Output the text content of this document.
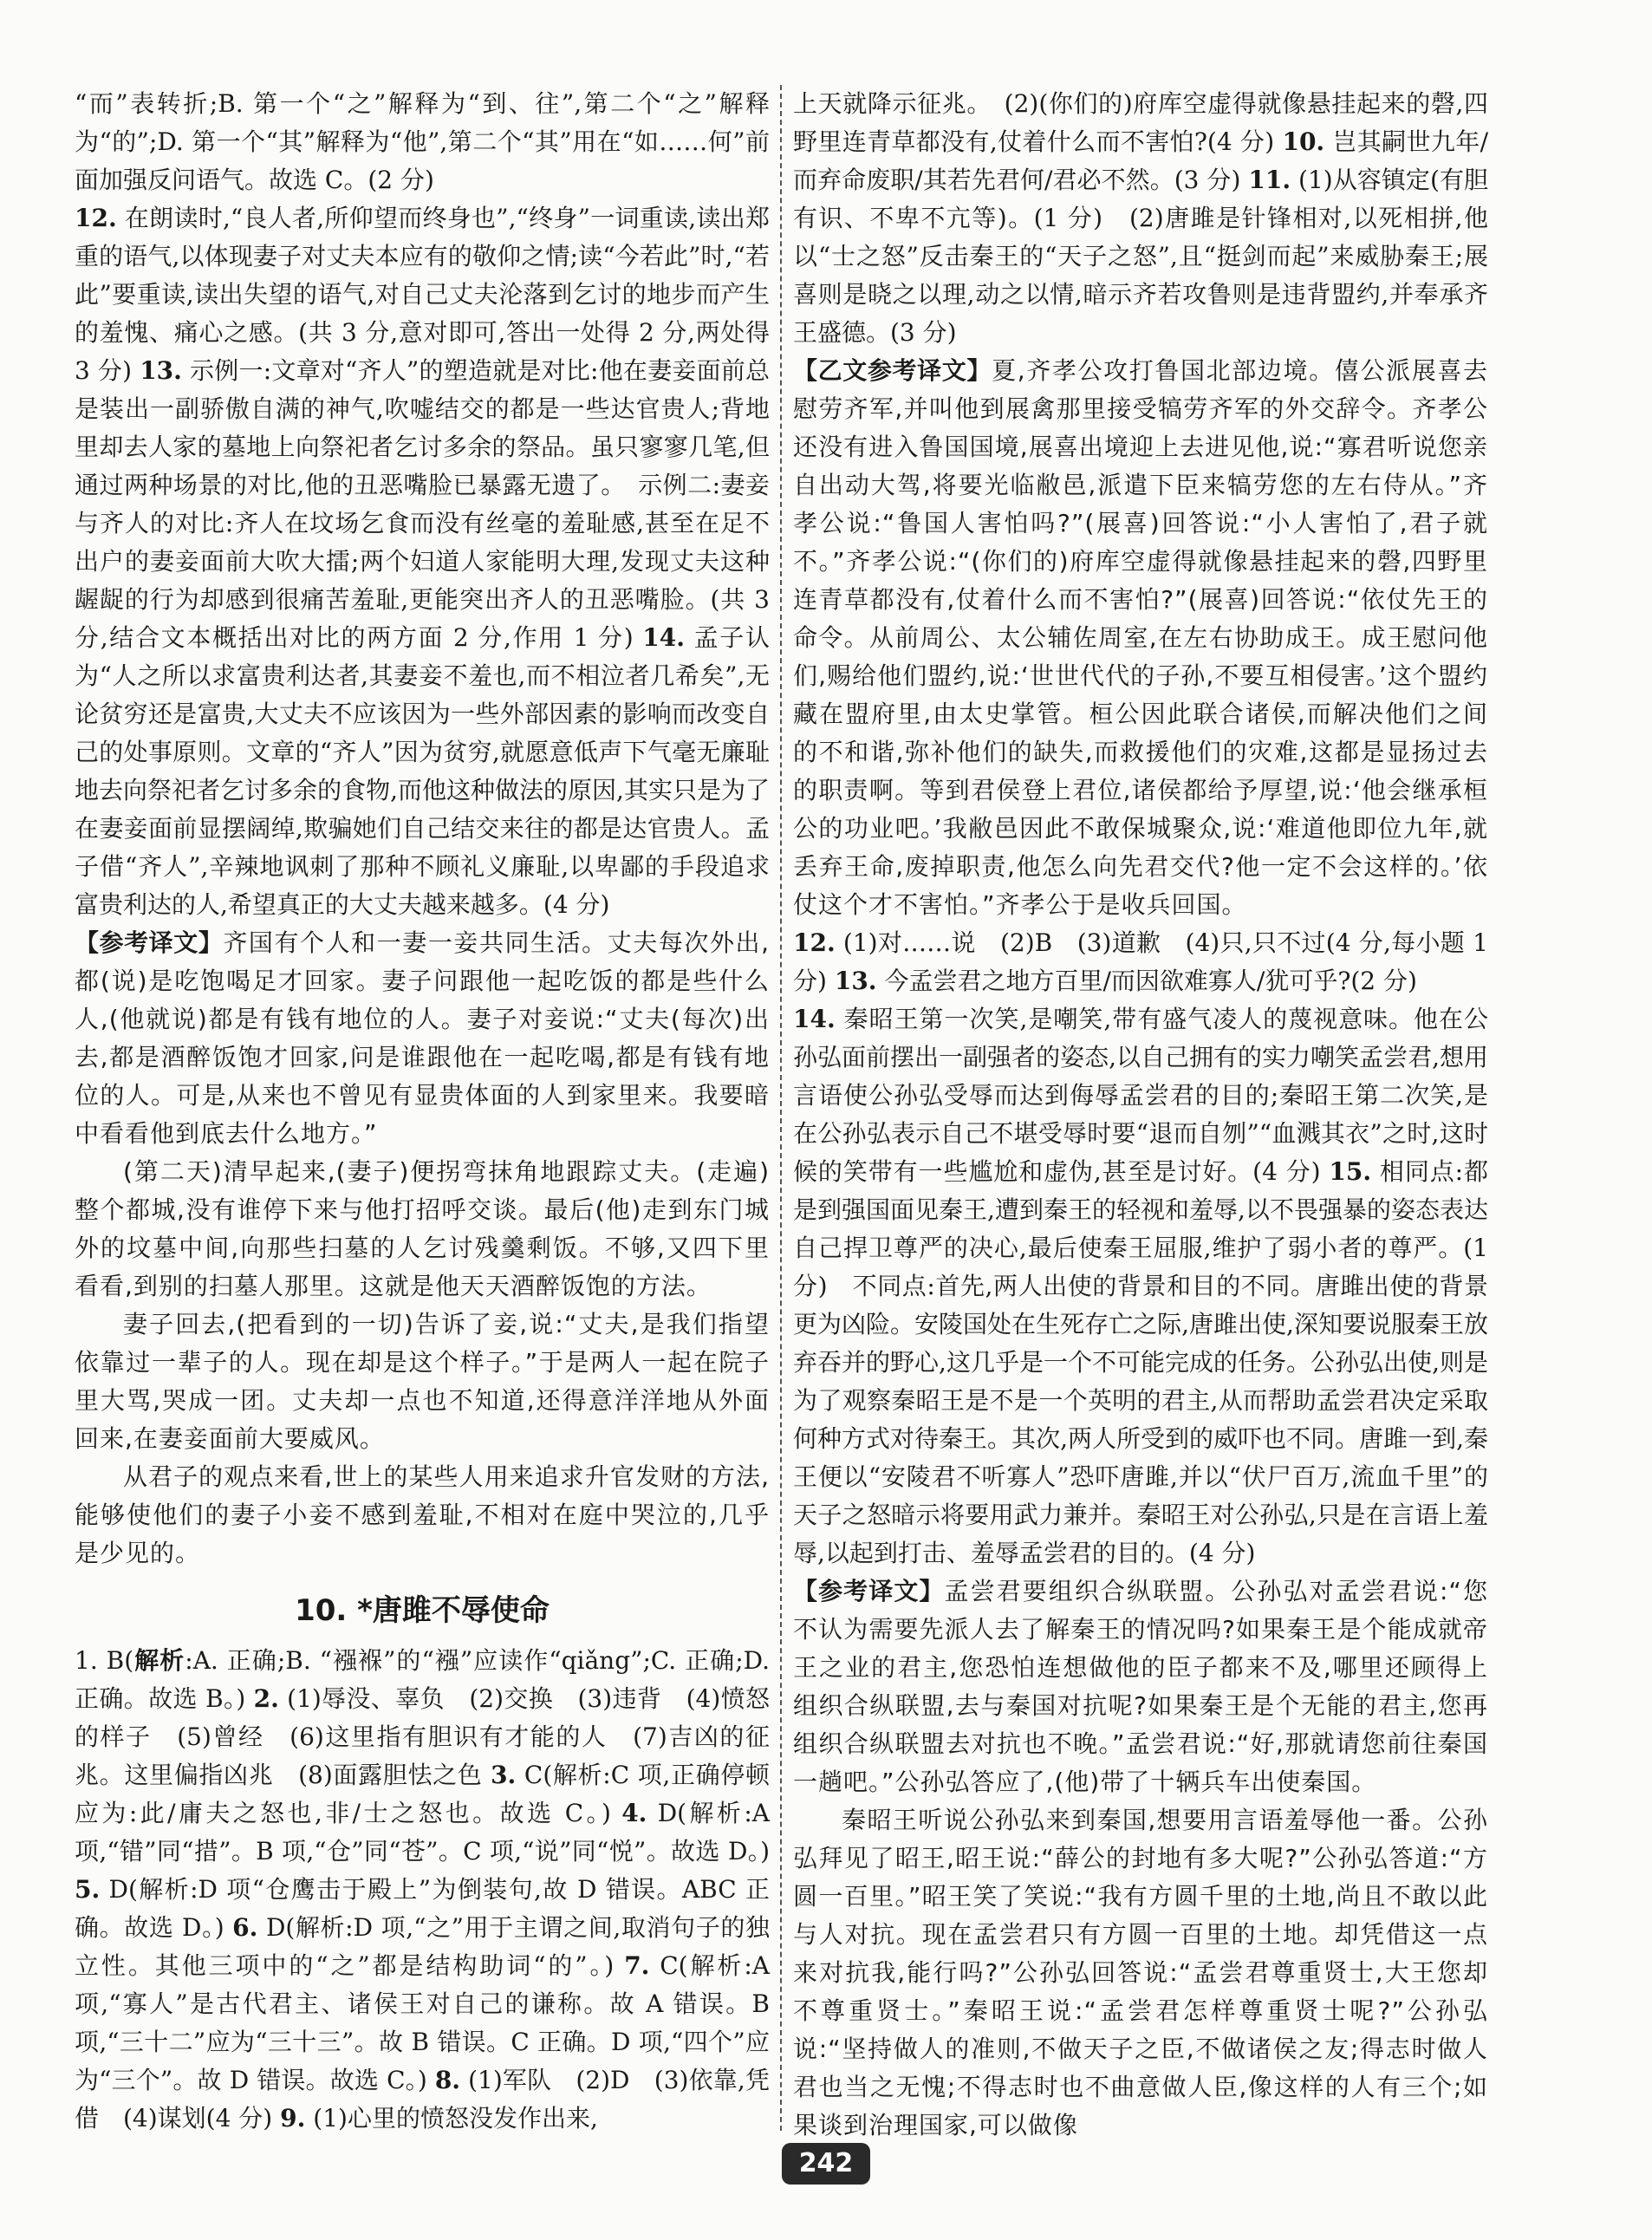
“而”表转折;B. 第一个“之”解释为“到、往”,第二个“之”解释为“的”;D. 第一个“其”解释为“他”,第二个“其”用在“如……何”前面加强反问语气。故选 C。(2 分)

12. 在朗读时,“良人者,所仰望而终身也”,“终身”一词重读,读出郑重的语气,以体现妻子对丈夫本应有的敬仰之情;读“今若此”时,“若此”要重读,读出失望的语气,对自己丈夫沦落到乞讨的地步而产生的羞愧、痛心之感。(共 3 分,意对即可,答出一处得 2 分,两处得 3 分) 13. 示例一:文章对“齐人”的塑造就是对比:他在妻妾面前总是装出一副骄傲自满的神气,吹嘘结交的都是一些达官贵人;背地里却去人家的墓地上向祭祀者乞讨多余的祭品。虽只寥寥几笔,但通过两种场景的对比,他的丑恶嘴脸已暴露无遗了。　示例二:妻妾与齐人的对比:齐人在坟场乞食而没有丝毫的羞耻感,甚至在足不出户的妻妾面前大吹大擂;两个妇道人家能明大理,发现丈夫这种龌龊的行为却感到很痛苦羞耻,更能突出齐人的丑恶嘴脸。(共 3 分,结合文本概括出对比的两方面 2 分,作用 1 分) 14. 孟子认为“人之所以求富贵利达者,其妻妾不羞也,而不相泣者几希矣”,无论贫穷还是富贵,大丈夫不应该因为一些外部因素的影响而改变自己的处事原则。文章的“齐人”因为贫穷,就愿意低声下气毫无廉耻地去向祭祀者乞讨多余的食物,而他这种做法的原因,其实只是为了在妻妾面前显摆阔绰,欺骗她们自己结交来往的都是达官贵人。孟子借“齐人”,辛辣地讽刺了那种不顾礼义廉耻,以卑鄙的手段追求富贵利达的人,希望真正的大丈夫越来越多。(4 分)

【参考译文】齐国有个人和一妻一妾共同生活。丈夫每次外出,都(说)是吃饱喝足才回家。妻子问跟他一起吃饭的都是些什么人,(他就说)都是有钱有地位的人。妻子对妾说:“丈夫(每次)出去,都是酒醉饭饱才回家,问是谁跟他在一起吃喝,都是有钱有地位的人。可是,从来也不曾见有显贵体面的人到家里来。我要暗中看看他到底去什么地方。”

(第二天)清早起来,(妻子)便拐弯抹角地跟踪丈夫。(走遍)整个都城,没有谁停下来与他打招呼交谈。最后(他)走到东门城外的坟墓中间,向那些扫墓的人乞讨残羹剩饭。不够,又四下里看看,到别的扫墓人那里。这就是他天天酒醉饭饱的方法。

妻子回去,(把看到的一切)告诉了妾,说:“丈夫,是我们指望依靠过一辈子的人。现在却是这个样子。”于是两人一起在院子里大骂,哭成一团。丈夫却一点也不知道,还得意洋洋地从外面回来,在妻妾面前大要威风。

从君子的观点来看,世上的某些人用来追求升官发财的方法,能够使他们的妻子小妾不感到羞耻,不相对在庭中哭泣的,几乎是少见的。

10. *唐雎不辱使命

1. B(解析:A. 正确;B. “襁褓”的“襁”应读作“qiǎng”;C. 正确;D. 正确。故选 B。) 2. (1)辱没、辜负　(2)交换　(3)违背　(4)愤怒的样子　(5)曾经　(6)这里指有胆识有才能的人　(7)吉凶的征兆。这里偏指凶兆　(8)面露胆怯之色 3. C(解析:C 项,正确停顿应为:此/庸夫之怒也,非/士之怒也。故选 C。) 4. D(解析:A 项,“错”同“措”。B 项,“仓”同“苍”。C 项,“说”同“悦”。故选 D。) 5. D(解析:D 项“仓鹰击于殿上”为倒装句,故 D 错误。ABC 正确。故选 D。) 6. D(解析:D 项,“之”用于主谓之间,取消句子的独立性。其他三项中的“之”都是结构助词“的”。) 7. C(解析:A 项,“寡人”是古代君主、诸侯王对自己的谦称。故 A 错误。B 项,“三十二”应为“三十三”。故 B 错误。C 正确。D 项,“四个”应为“三个”。故 D 错误。故选 C。) 8. (1)军队　(2)D　(3)依靠,凭借　(4)谋划(4 分) 9. (1)心里的愤怒没发作出来,

上天就降示征兆。　(2)(你们的)府库空虚得就像悬挂起来的磬,四野里连青草都没有,仗着什么而不害怕?(4 分) 10. 岂其嗣世九年/而弃命废职/其若先君何/君必不然。(3 分) 11. (1)从容镇定(有胆有识、不卑不亢等)。(1 分)　(2)唐雎是针锋相对,以死相拼,他以“士之怒”反击秦王的“天子之怒”,且“挺剑而起”来威胁秦王;展喜则是晓之以理,动之以情,暗示齐若攻鲁则是违背盟约,并奉承齐王盛德。(3 分)

【乙文参考译文】夏,齐孝公攻打鲁国北部边境。僖公派展喜去慰劳齐军,并叫他到展禽那里接受犒劳齐军的外交辞令。齐孝公还没有进入鲁国国境,展喜出境迎上去进见他,说:“寡君听说您亲自出动大驾,将要光临敝邑,派遣下臣来犒劳您的左右侍从。”齐孝公说:“鲁国人害怕吗?”(展喜)回答说:“小人害怕了,君子就不。”齐孝公说:“(你们的)府库空虚得就像悬挂起来的磬,四野里连青草都没有,仗着什么而不害怕?”(展喜)回答说:“依仗先王的命令。从前周公、太公辅佐周室,在左右协助成王。成王慰问他们,赐给他们盟约,说:‘世世代代的子孙,不要互相侵害。’这个盟约藏在盟府里,由太史掌管。桓公因此联合诸侯,而解决他们之间的不和谐,弥补他们的缺失,而救援他们的灾难,这都是显扬过去的职责啊。等到君侯登上君位,诸侯都给予厚望,说:‘他会继承桓公的功业吧。’我敝邑因此不敢保城聚众,说:‘难道他即位九年,就丢弃王命,废掉职责,他怎么向先君交代?他一定不会这样的。’依仗这个才不害怕。”齐孝公于是收兵回国。

12. (1)对……说　(2)B　(3)道歉　(4)只,只不过(4 分,每小题 1 分) 13. 今孟尝君之地方百里/而因欲难寡人/犹可乎?(2 分)

14. 秦昭王第一次笑,是嘲笑,带有盛气凌人的蔑视意味。他在公孙弘面前摆出一副强者的姿态,以自己拥有的实力嘲笑孟尝君,想用言语使公孙弘受辱而达到侮辱孟尝君的目的;秦昭王第二次笑,是在公孙弘表示自己不堪受辱时要“退而自刎”“血溅其衣”之时,这时候的笑带有一些尴尬和虚伪,甚至是讨好。(4 分) 15. 相同点:都是到强国面见秦王,遭到秦王的轻视和羞辱,以不畏强暴的姿态表达自己捍卫尊严的决心,最后使秦王屈服,维护了弱小者的尊严。(1 分)　不同点:首先,两人出使的背景和目的不同。唐雎出使的背景更为凶险。安陵国处在生死存亡之际,唐雎出使,深知要说服秦王放弃吞并的野心,这几乎是一个不可能完成的任务。公孙弘出使,则是为了观察秦昭王是不是一个英明的君主,从而帮助孟尝君决定采取何种方式对待秦王。其次,两人所受到的威吓也不同。唐雎一到,秦王便以“安陵君不听寡人”恐吓唐雎,并以“伏尸百万,流血千里”的天子之怒暗示将要用武力兼并。秦昭王对公孙弘,只是在言语上羞辱,以起到打击、羞辱孟尝君的目的。(4 分)

【参考译文】孟尝君要组织合纵联盟。公孙弘对孟尝君说:“您不认为需要先派人去了解秦王的情况吗?如果秦王是个能成就帝王之业的君主,您恐怕连想做他的臣子都来不及,哪里还顾得上组织合纵联盟,去与秦国对抗呢?如果秦王是个无能的君主,您再组织合纵联盟去对抗也不晚。”孟尝君说:“好,那就请您前往秦国一趟吧。”公孙弘答应了,(他)带了十辆兵车出使秦国。

秦昭王听说公孙弘来到秦国,想要用言语羞辱他一番。公孙弘拜见了昭王,昭王说:“薛公的封地有多大呢?”公孙弘答道:“方圆一百里。”昭王笑了笑说:“我有方圆千里的土地,尚且不敢以此与人对抗。现在孟尝君只有方圆一百里的土地。却凭借这一点来对抗我,能行吗?”公孙弘回答说:“孟尝君尊重贤士,大王您却不尊重贤士。”秦昭王说:“孟尝君怎样尊重贤士呢?”公孙弘说:“坚持做人的准则,不做天子之臣,不做诸侯之友;得志时做人君也当之无愧;不得志时也不曲意做人臣,像这样的人有三个;如果谈到治理国家,可以做像

242
